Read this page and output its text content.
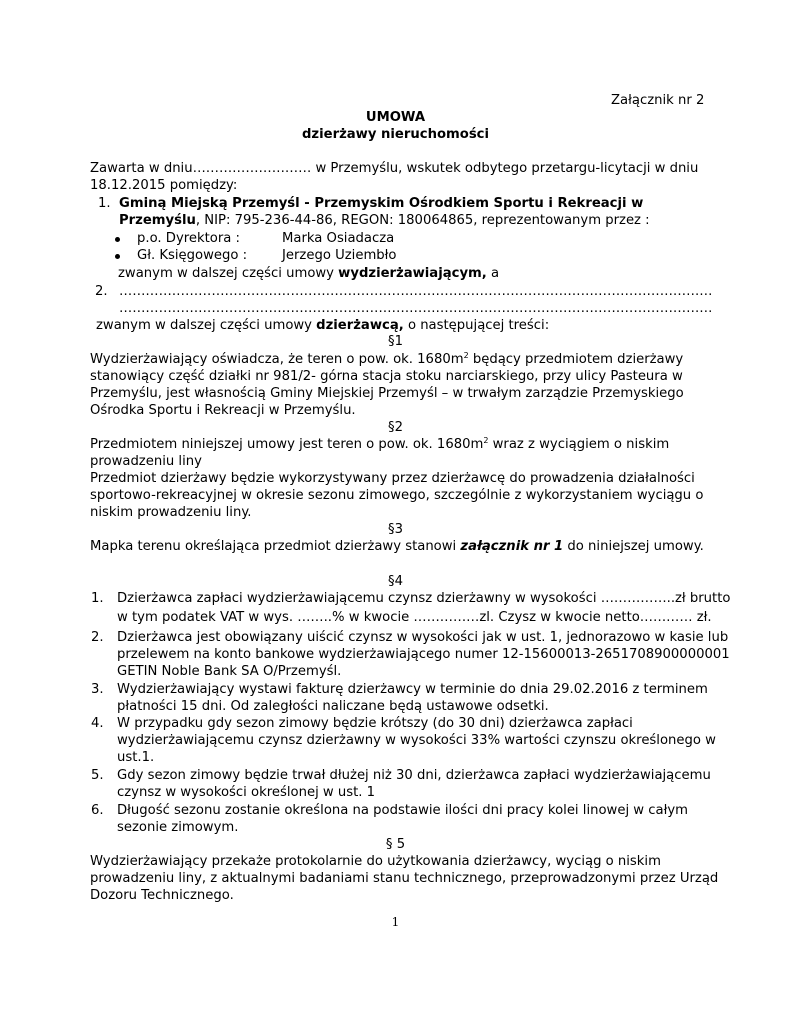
Załącznik nr 2
UMOWA
dzierżawy nieruchomości
Zawarta w dniu……………………… w Przemyślu, wskutek odbytego przetargu-licytacji w dniu
18.12.2015 pomiędzy:
1. Gminą Miejską Przemyśl - Przemyskim Ośrodkiem Sportu i Rekreacji w
Przemyślu, NIP: 795-236-44-86, REGON: 180064865, reprezentowanym przez :
p.o. Dyrektora :	Marka Osiadacza
Gł. Księgowego :	Jerzego Uziembło
zwanym w dalszej części umowy wydzierżawiającym, a
2. ………………………………………………………………………………………………………………………
………………………………………………………………………………………………………………………
zwanym w dalszej części umowy dzierżawcą, o następującej treści:
§1
Wydzierżawiający oświadcza, że teren o pow. ok. $1680m^2$ będący przedmiotem dzierżawy
stanowiący część działki nr 981/2- górna stacja stoku narciarskiego, przy ulicy Pasteura w
Przemyślu, jest własnością Gminy Miejskiej Przemyśl – w trwałym zarządzie Przemyskiego
Ośrodka Sportu i Rekreacji w Przemyślu.
§2
Przedmiotem niniejszej umowy jest teren o pow. ok. $1680m^2$ wraz z wyciągiem o niskim
prowadzeniu liny
Przedmiot dzierżawy będzie wykorzystywany przez dzierżawcę do prowadzenia działalności
sportowo-rekreacyjnej w okresie sezonu zimowego, szczególnie z wykorzystaniem wyciągu o
niskim prowadzeniu liny.
§3
Mapka terenu określająca przedmiot dzierżawy stanowi załącznik nr 1 do niniejszej umowy.
§4
1. Dzierżawca zapłaci wydzierżawiającemu czynsz dzierżawny w wysokości ……………..zł brutto
w tym podatek VAT w wys. ……..% w kwocie ……………zl. Czysz w kwocie netto………… zł.
2. Dzierżawca jest obowiązany uiścić czynsz w wysokości jak w ust. 1, jednorazowo w kasie lub
przelewem na konto bankowe wydzierżawiającego numer 12-15600013-2651708900000001
GETIN Noble Bank SA O/Przemyśl.
3. Wydzierżawiający wystawi fakturę dzierżawcy w terminie do dnia 29.02.2016 z terminem
płatności 15 dni. Od zaległości naliczane będą ustawowe odsetki.
4. W przypadku gdy sezon zimowy będzie krótszy (do 30 dni) dzierżawca zapłaci
wydzierżawiającemu czynsz dzierżawny w wysokości 33% wartości czynszu określonego w
ust.1.
5. Gdy sezon zimowy będzie trwał dłużej niż 30 dni, dzierżawca zapłaci wydzierżawiającemu
czynsz w wysokości określonej w ust. 1
6. Długość sezonu zostanie określona na podstawie ilości dni pracy kolei linowej w całym
sezonie zimowym.
§ 5
Wydzierżawiający przekaże protokolarnie do użytkowania dzierżawcy, wyciąg o niskim
prowadzeniu liny, z aktualnymi badaniami stanu technicznego, przeprowadzonymi przez Urząd
Dozoru Technicznego.
1
